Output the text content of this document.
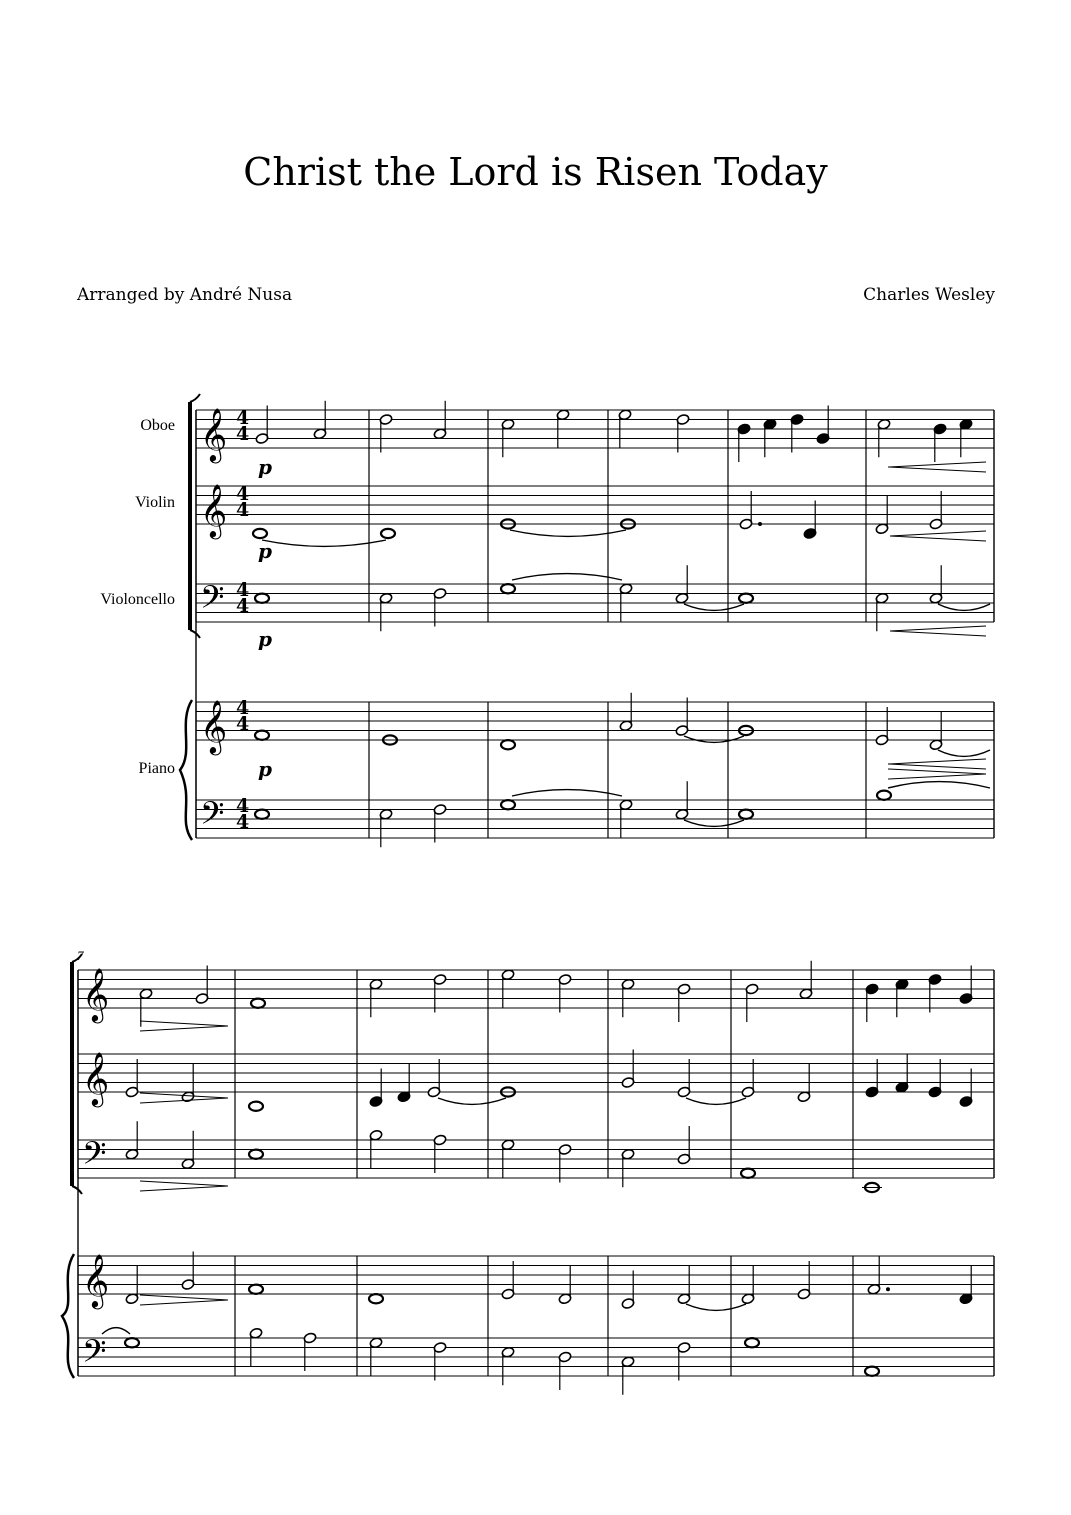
Christ the Lord is Risen Today
Arranged by André Nusa	Charles Wesley
Oboe
Violin
Violoncello
Piano
7
p
p
p
p
4
4
4
4
4
4
4
4
4
4
𝄞
𝄞
𝄢
𝄞
𝄢
𝄞
𝄞
𝄢
𝄞
𝄢
